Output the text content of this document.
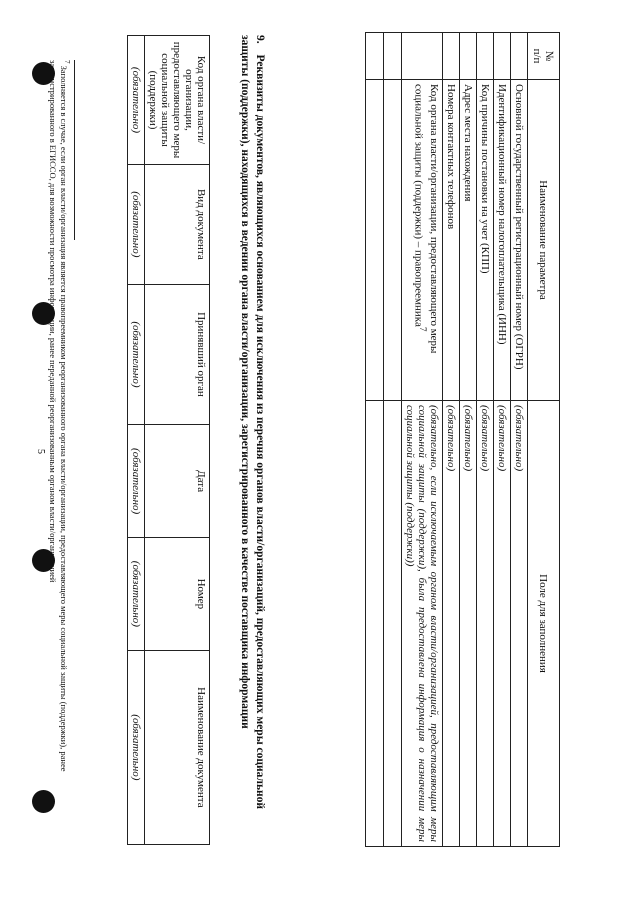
5
№
п/п	Наименование параметра	Поле для заполнения
	Основной государственный регистрационный номер (ОГРН)	(обязательно)
	Идентификационный номер налогоплательщика (ИНН)	(обязательно)
	Код причины постановки на учет (КПП)	(обязательно)
	Адрес места нахождения	(обязательно)
	Номера контактных телефонов	(обязательно)
	Код органа власти/организации, предоставляющего меры социальной защиты (поддержки) – правопреемника$^7$	(обязательно, если исключаемым органом власти/организацией, предоставляющим меры социальной защиты (поддержки), была предоставлена информация о назначении меры социальной защиты (поддержки))

9. Реквизиты документов, являющихся основанием для исключения из перечня органов власти/организаций, предоставляющих меры социальной защиты (поддержки), находящихся в ведении органа власти/организации, зарегистрированного в качестве поставщика информации
Код органа власти/организации, предоставляющего меры социальной защиты (поддержки)	Вид документа	Принявший орган	Дата	Номер	Наименование документа
(обязательно)	(обязательно)	(обязательно)	(обязательно)	(обязательно)	(обязательно)
$^7$ Заполняется в случае, если орган власти/организация является правопреемником реорганизованного органа власти/организации, предоставляющего меры социальной защиты (поддержки), ранее зарегистрированного в ЕГИССО, для возможности просмотра информации, ранее переданной реорганизованным органом власти/организацией
